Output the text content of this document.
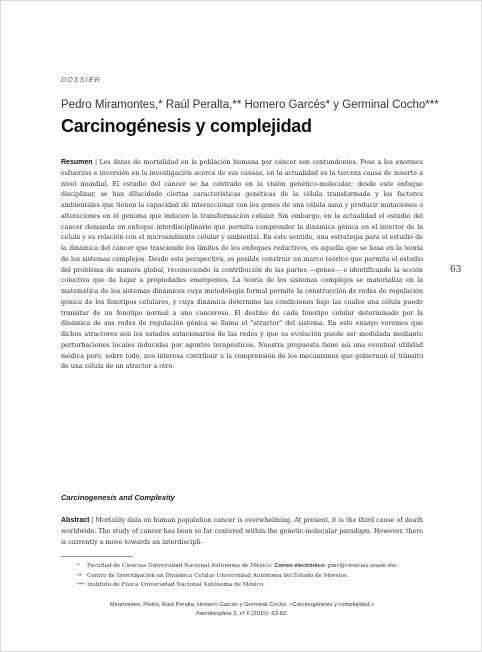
DOSSIER
Pedro Miramontes,* Raúl Peralta,** Homero Garcés* y Germinal Cocho***
Carcinogénesis y complejidad
Resumen | Los datos de mortalidad en la población humana por cáncer son contundentes. Pese a los enormes esfuerzos e inversión en la investigación acerca de sus causas, en la actualidad es la tercera causa de muerte a nivel mundial. El estudio del cáncer se ha centrado en la visión genético-molecular; desde este enfoque disciplinar, se han dilucidado ciertas características genéticas de la célula transformada y los factores ambientales que tienen la capacidad de interaccionar con los genes de una célula sana y producir mutaciones o alteraciones en el genoma que inducen la transformación celular. Sin embargo, en la actualidad el estudio del cáncer demanda un enfoque interdisciplinario que permita comprender la dinámica génica en el interior de la célula y su relación con el microambiente celular y ambiental. En este sentido, una estrategia para el estudio de la dinámica del cáncer que trasciende los límites de los enfoques reductivos, es aquella que se basa en la teoría de los sistemas complejos. Desde esta perspectiva, es posible construir un marco teórico que permita el estudio del problema de manera global, reconociendo la contribución de las partes —genes— e identificando la acción colectiva que da lugar a propiedades emergentes. La teoría de los sistemas complejos se materializa en la matemática de los sistemas dinámicos cuya metodología formal permite la construcción de redes de regulación génica de los fenotipos celulares, y cuya dinámica determine las condiciones bajo las cuales una célula puede transitar de un fenotipo normal a uno canceroso. El destino de cada fenotipo celular determinado por la dinámica de sus redes de regulación génica se llama el "atractor" del sistema. En este ensayo veremos que dichos atractores son los estados estacionarios de las redes y que su evolución puede ser modulada mediante perturbaciones locales inducidas por agentes terapéuticos. Nuestra propuesta tiene así una eventual utilidad médica pero, sobre todo, nos interesa contribuir a la comprensión de los mecanismos que gobiernan el tránsito de una célula de un atractor a otro.
63
Carcinogenesis and Complexity
Abstract | Mortality data on human population cancer is overwhelming. At present, it is the third cause of death worldwide. The study of cancer has been so far centered within the genetic-molecular paradigm. However, there is currently a move towards an interdiscipli-
* Facultad de Ciencias Universidad Nacional Autónoma de México. Correo electrónico: pmv@ciencias.unam.mx
** Centro de Investigación en Dinámica Celular Universidad Autónoma del Estado de Morelos.
*** Instituto de Física Universidad Nacional Autónoma de México.
Miramontes, Pedro, Raúl Peralta, Homero Garcés y Germinal Cocho. «Carcinogénesis y complejidad.»
Interdisciplina 3, nº 6 (2015): 63-82.
